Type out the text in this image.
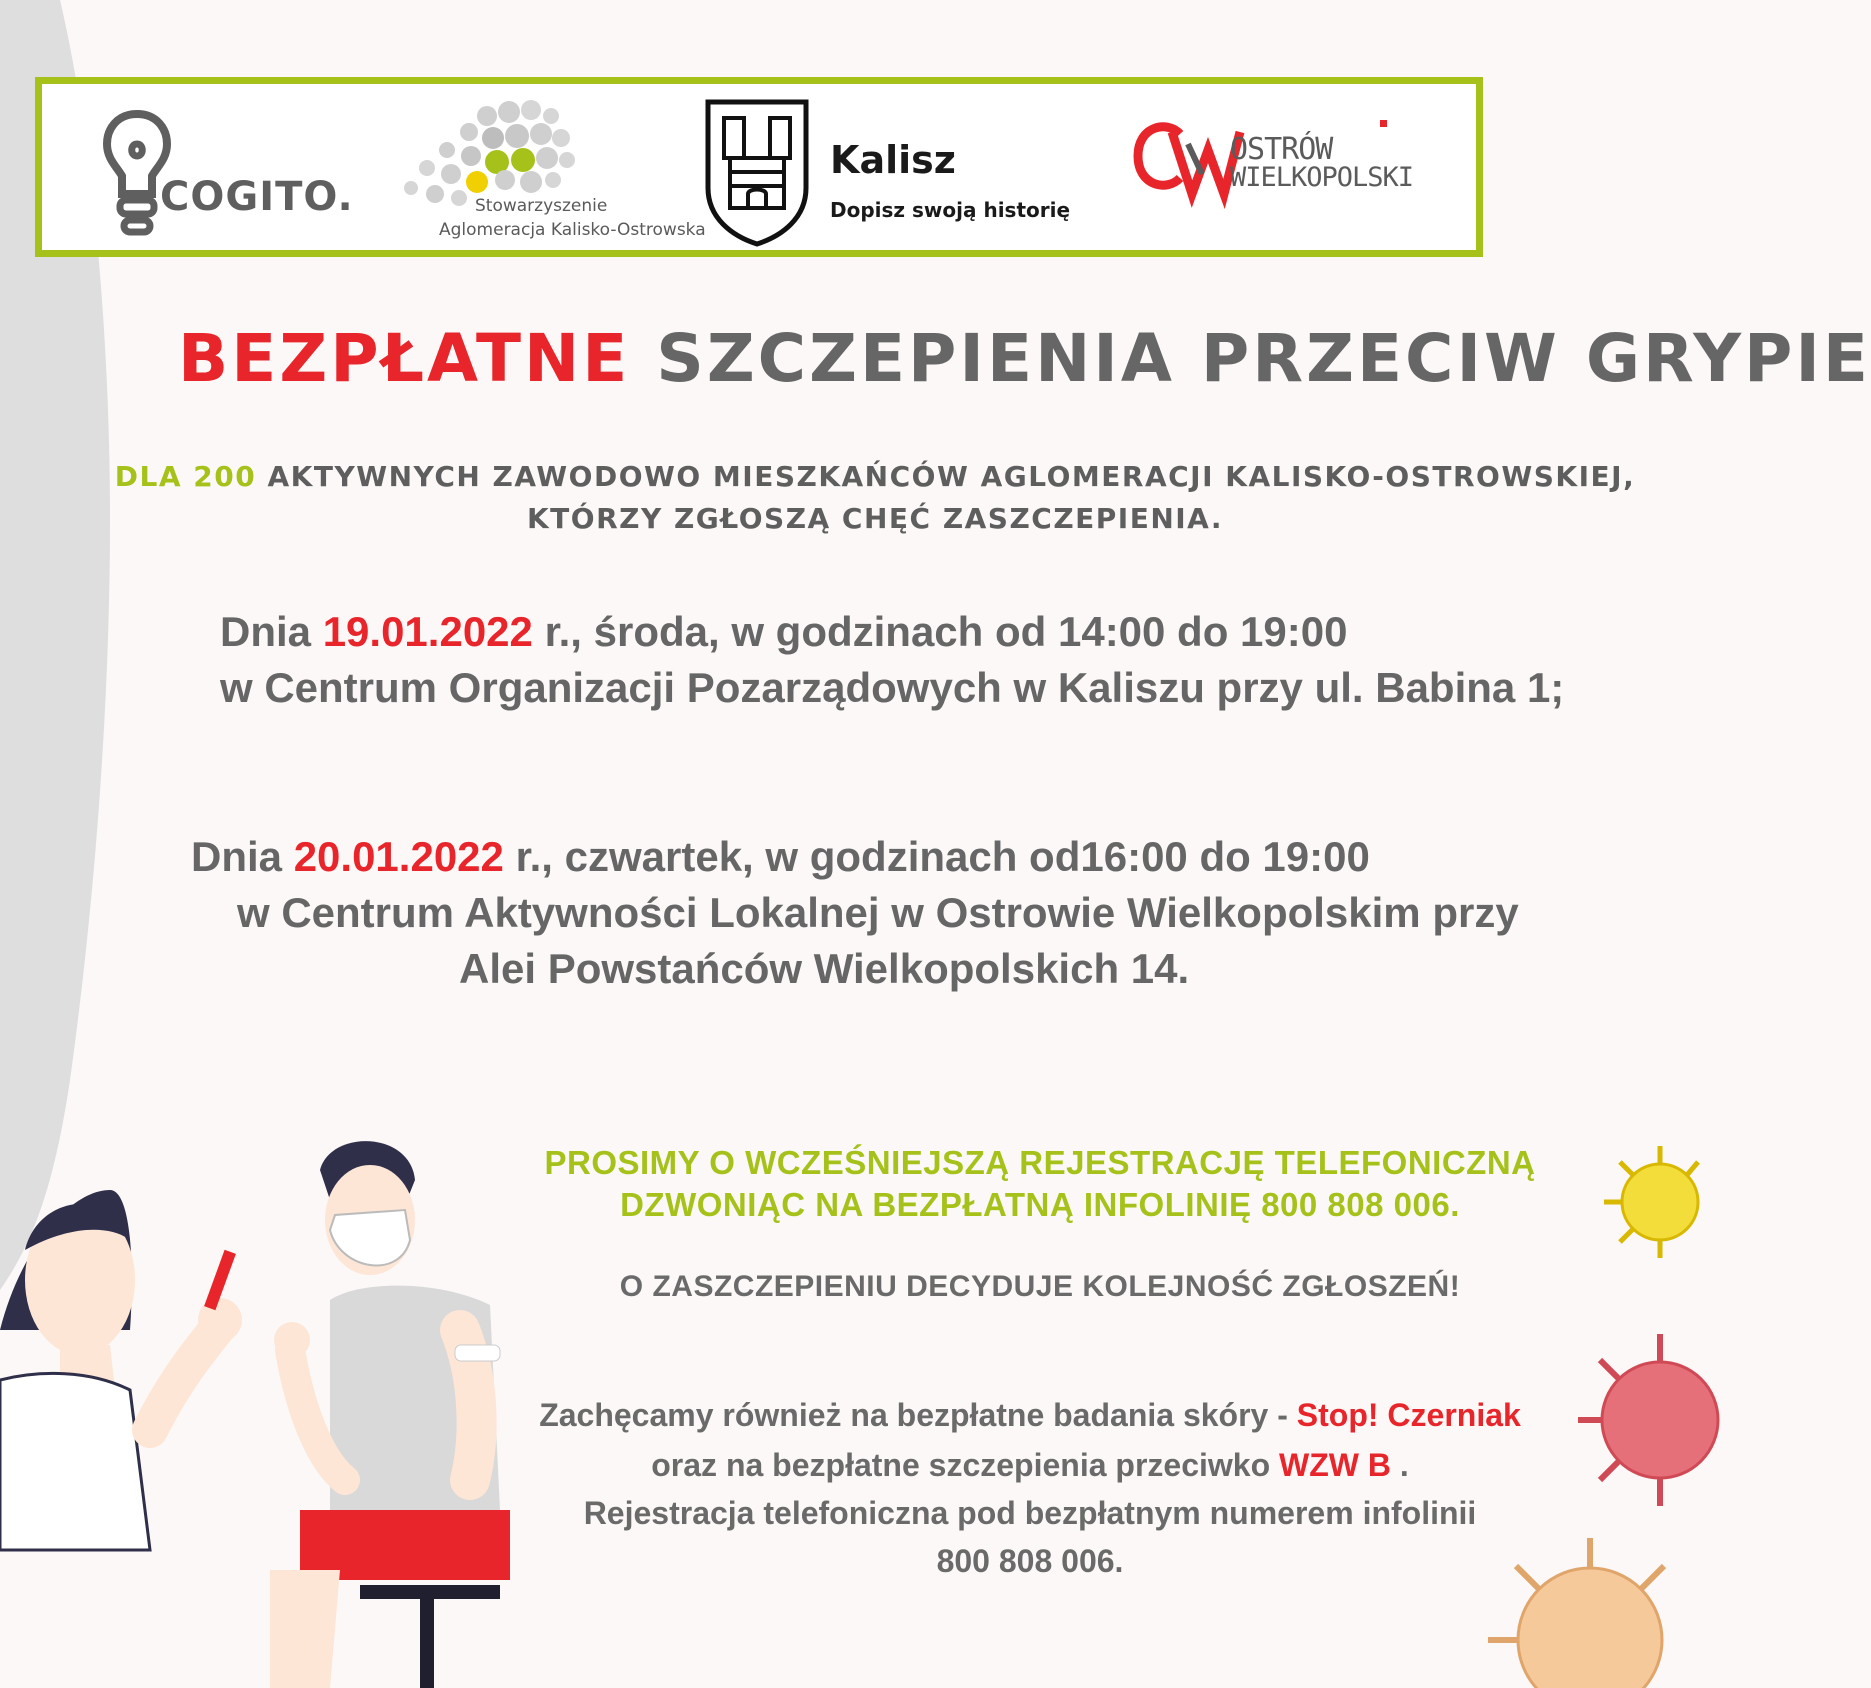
COGITO.	Stowarzyszenie
Aglomeracja Kalisko-Ostrowska
Kalisz
Dopisz swoją historię
OSTRÓW
WIELKOPOLSKI
BEZPŁATNE SZCZEPIENIA PRZECIW GRYPIE
DLA 200 AKTYWNYCH ZAWODOWO MIESZKAŃCÓW AGLOMERACJI KALISKO-OSTROWSKIEJ,
KTÓRZY ZGŁOSZĄ CHĘĆ ZASZCZEPIENIA.
Dnia 19.01.2022 r., środa, w godzinach od 14:00 do 19:00
w Centrum Organizacji Pozarządowych w Kaliszu przy ul. Babina 1;
Dnia 20.01.2022 r., czwartek, w godzinach od16:00 do 19:00
w Centrum Aktywności Lokalnej w Ostrowie Wielkopolskim przy
Alei Powstańców Wielkopolskich 14.
PROSIMY O WCZEŚNIEJSZĄ REJESTRACJĘ TELEFONICZNĄ
DZWONIĄC NA BEZPŁATNĄ INFOLINIĘ 800 808 006.
O ZASZCZEPIENIU DECYDUJE KOLEJNOŚĆ ZGŁOSZEŃ!
Zachęcamy również na bezpłatne badania skóry - Stop! Czerniak
oraz na bezpłatne szczepienia przeciwko WZW B .
Rejestracja telefoniczna pod bezpłatnym numerem infolinii
800 808 006.
